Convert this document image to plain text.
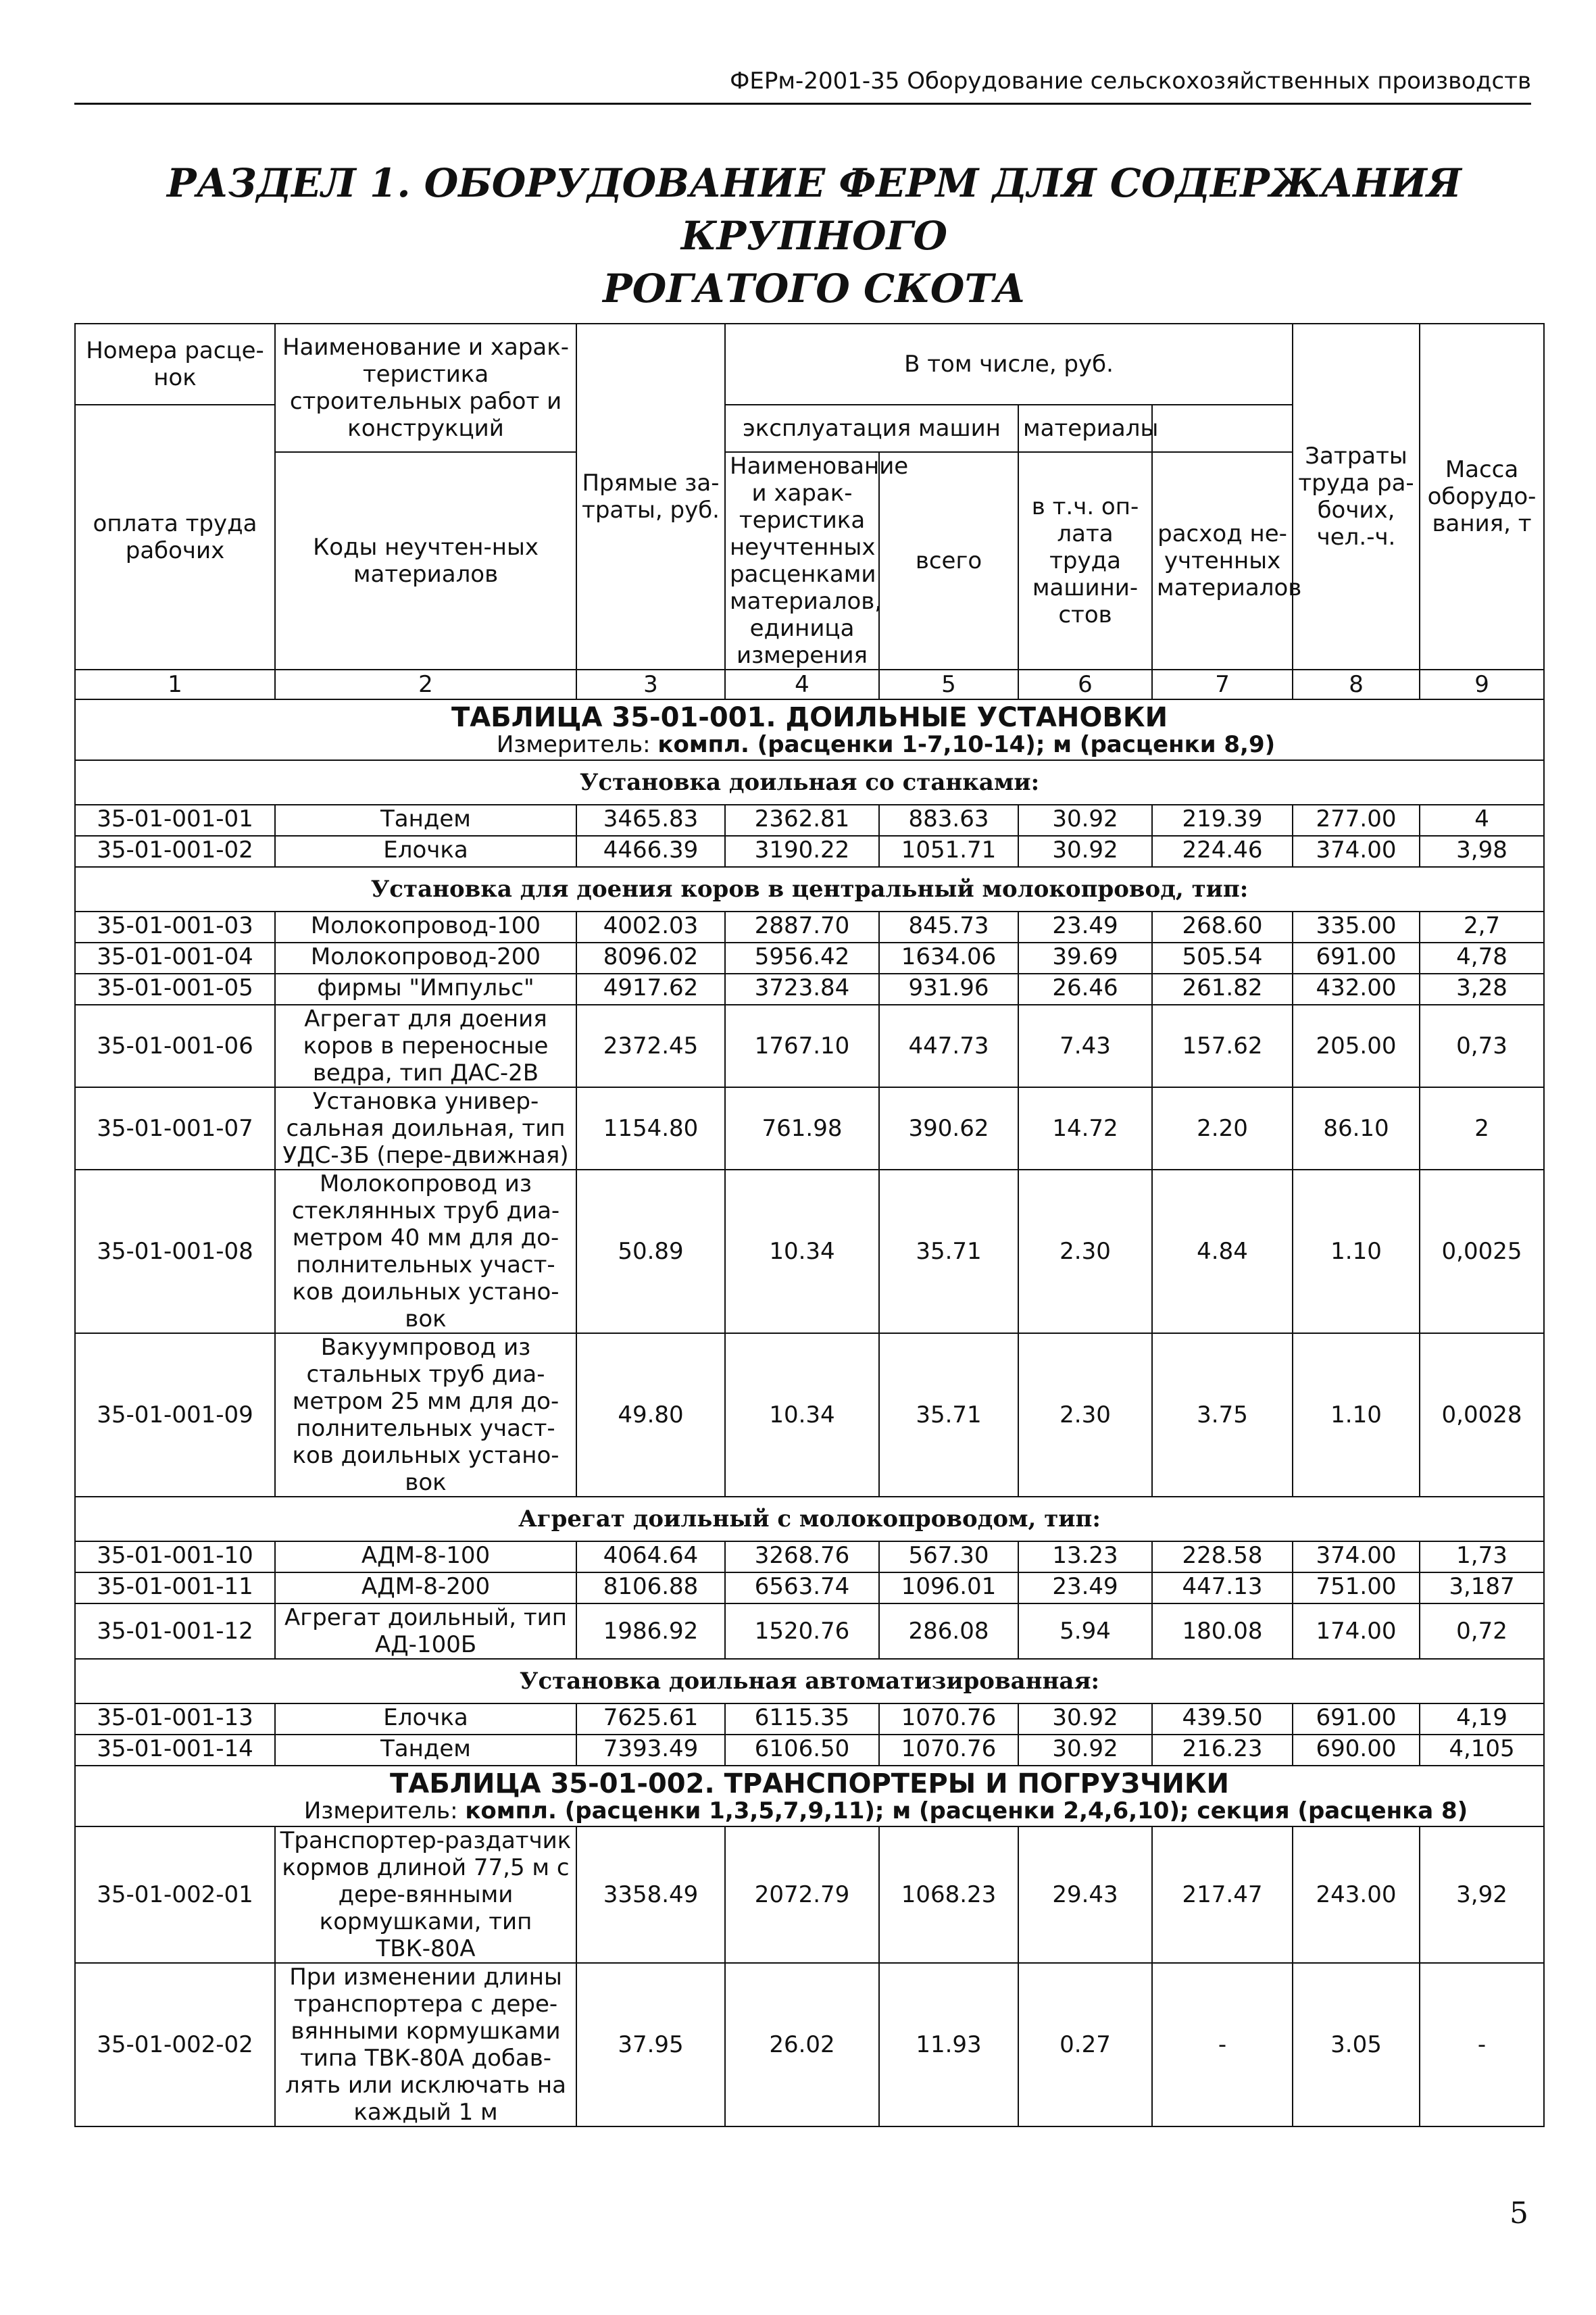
ФЕРм-2001-35 Оборудование сельскохозяйственных производств
РАЗДЕЛ 1. ОБОРУДОВАНИЕ ФЕРМ ДЛЯ СОДЕРЖАНИЯ КРУПНОГО
РОГАТОГО СКОТА
Номера расце-нок	Наименование и харак-теристика строительных работ и конструкций	Прямые за-траты, руб.	В том числе, руб.				Затраты труда ра-бочих, чел.-ч.	Масса оборудо-вания, т
оплата труда рабочих			эксплуатация машин		материалы			
	Коды неучтен-ных материалов		Наименование и харак-теристика неучтенных расценками материалов, единица измерения	всего	в т.ч. оп-лата труда машини-стов	расход не-учтенных материалов		

1	2	3	4	5	6	7	8	9

ТАБЛИЦА 35-01-001. ДОИЛЬНЫЕ УСТАНОВКИ
Измеритель: компл. (расценки 1-7,10-14); м (расценки 8,9)								

Установка доильная со станками:								
35-01-001-01	Тандем	3465.83	2362.81	883.63	30.92	219.39	277.00	4
35-01-001-02	Елочка	4466.39	3190.22	1051.71	30.92	224.46	374.00	3,98
Установка для доения коров в центральный молокопровод, тип:								
35-01-001-03	Молокопровод-100	4002.03	2887.70	845.73	23.49	268.60	335.00	2,7
35-01-001-04	Молокопровод-200	8096.02	5956.42	1634.06	39.69	505.54	691.00	4,78
35-01-001-05	фирмы "Импульс"	4917.62	3723.84	931.96	26.46	261.82	432.00	3,28
35-01-001-06	Агрегат для доения коров в переносные ведра, тип ДАС-2В	2372.45	1767.10	447.73	7.43	157.62	205.00	0,73
35-01-001-07	Установка универ-сальная доильная, тип УДС-3Б (пере-движная)	1154.80	761.98	390.62	14.72	2.20	86.10	2
35-01-001-08	Молокопровод из стеклянных труб диа-метром 40 мм для до-полнительных участ-ков доильных устано-вок	50.89	10.34	35.71	2.30	4.84	1.10	0,0025
35-01-001-09	Вакуумпровод из стальных труб диа-метром 25 мм для до-полнительных участ-ков доильных устано-вок	49.80	10.34	35.71	2.30	3.75	1.10	0,0028
Агрегат доильный с молокопроводом, тип:								
35-01-001-10	АДМ-8-100	4064.64	3268.76	567.30	13.23	228.58	374.00	1,73
35-01-001-11	АДМ-8-200	8106.88	6563.74	1096.01	23.49	447.13	751.00	3,187
35-01-001-12	Агрегат доильный, тип АД-100Б	1986.92	1520.76	286.08	5.94	180.08	174.00	0,72
Установка доильная автоматизированная:								
35-01-001-13	Елочка	7625.61	6115.35	1070.76	30.92	439.50	691.00	4,19
35-01-001-14	Тандем	7393.49	6106.50	1070.76	30.92	216.23	690.00	4,105

ТАБЛИЦА 35-01-002. ТРАНСПОРТЕРЫ И ПОГРУЗЧИКИ
Измеритель: компл. (расценки 1,3,5,7,9,11); м (расценки 2,4,6,10); секция (расценка 8)								

35-01-002-01	Транспортер-раздатчик кормов длиной 77,5 м с дере-вянными кормушками, тип ТВК-80А	3358.49	2072.79	1068.23	29.43	217.47	243.00	3,92
35-01-002-02	При изменении длины транспортера с дере-вянными кормушками типа ТВК-80А добав-лять или исключать на каждый 1 м	37.95	26.02	11.93	0.27	-	3.05	-
5
